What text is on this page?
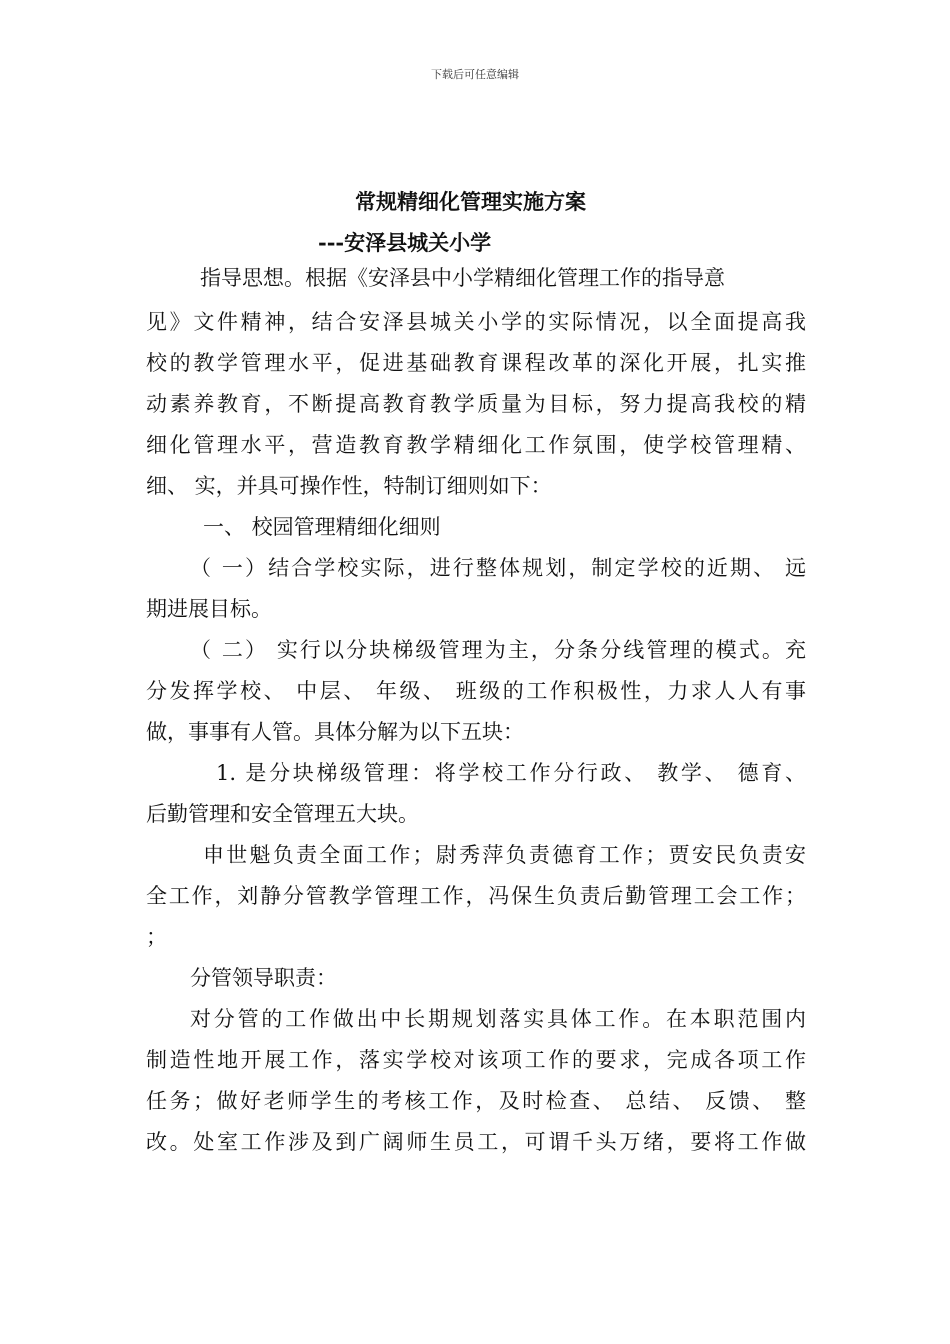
下载后可任意编辑
常规精细化管理实施方案
---安泽县城关小学
指导思想。根据《安泽县中小学精细化管理工作的指导意
见》文件精神，结合安泽县城关小学的实际情况，以全面提高我
校的教学管理水平，促进基础教育课程改革的深化开展，扎实推
动素养教育，不断提高教育教学质量为目标，努力提高我校的精
细化管理水平，营造教育教学精细化工作氛围，使学校管理精、
细、 实，并具可操作性，特制订细则如下：
一、 校园管理精细化细则
（ 一）结合学校实际，进行整体规划，制定学校的近期、 远
期进展目标。
（ 二） 实行以分块梯级管理为主，分条分线管理的模式。充
分发挥学校、 中层、 年级、 班级的工作积极性，力求人人有事
做，事事有人管。具体分解为以下五块：
1. 是分块梯级管理：将学校工作分行政、 教学、 德育、
后勤管理和安全管理五大块。
申世魁负责全面工作；尉秀萍负责德育工作；贾安民负责安
全工作，刘静分管教学管理工作，冯保生负责后勤管理工会工作；
；
分管领导职责：
对分管的工作做出中长期规划落实具体工作。在本职范围内
制造性地开展工作，落实学校对该项工作的要求，完成各项工作
任务；做好老师学生的考核工作，及时检查、 总结、 反馈、 整
改。处室工作涉及到广阔师生员工，可谓千头万绪，要将工作做
